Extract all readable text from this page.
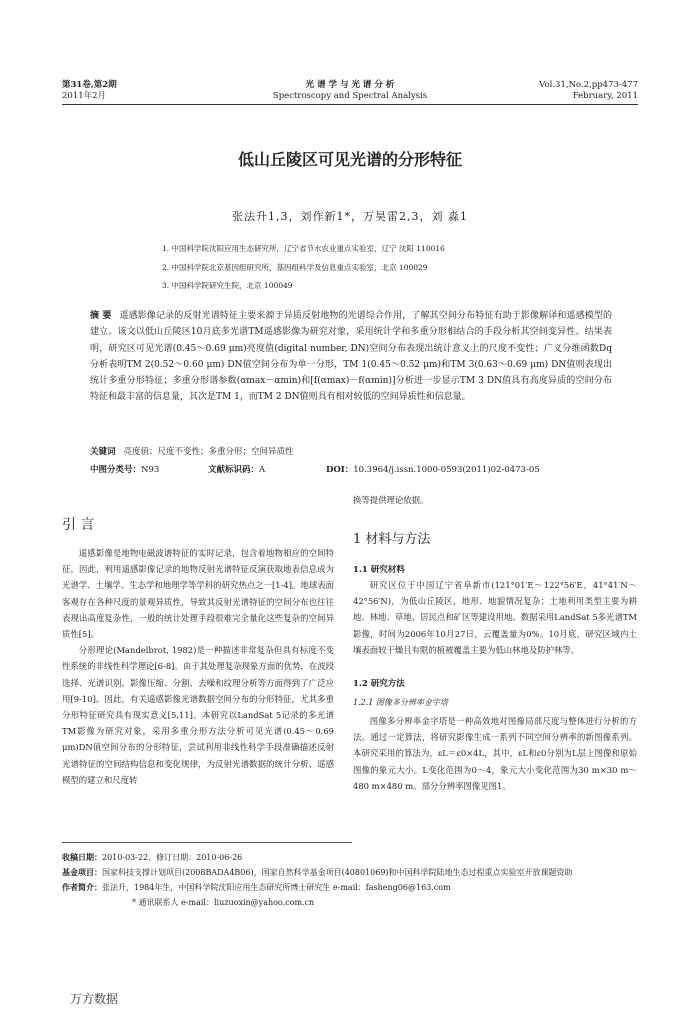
第31卷,第2期
2011年2月
光 谱 学 与 光 谱 分 析
Spectroscopy and Spectral Analysis
Vol.31,No.2,pp473-477
February, 2011
低山丘陵区可见光谱的分形特征
张法升1,3，刘作新1*，万昊雷2,3，刘 淼1
1. 中国科学院沈阳应用生态研究所，辽宁省节水农业重点实验室，辽宁 沈阳 110016
2. 中国科学院北京基因组研究所，基因组科学及信息重点实验室，北京 100029
3. 中国科学院研究生院，北京 100049
摘 要 遥感影像记录的反射光谱特征主要来源于异质反射地物的光谱综合作用，了解其空间分布特征有助于影像解译和遥感模型的建立。该文以低山丘陵区10月底多光谱TM遥感影像为研究对象，采用统计学和多重分形相结合的手段分析其空间变异性。结果表明，研究区可见光谱(0.45～0.69 μm)亮度值(digital number, DN)空间分布表现出统计意义上的尺度不变性；广义分维函数Dq分析表明TM 2(0.52～0.60 μm) DN值空间分布为单一分形，TM 1(0.45～0.52 μm)和TM 3(0.63～0.69 μm) DN值则表现出统计多重分形特征；多重分形谱参数(αmax－αmin)和[f(αmax)－f(αmin)]分析进一步显示TM 3 DN值具有高度异质的空间分布特征和最丰富的信息量，其次是TM 1，而TM 2 DN值则具有相对较低的空间异质性和信息量。
关键词 亮度值；尺度不变性；多重分形；空间异质性
中图分类号：N93	文献标识码：A	DOI：10.3964/j.issn.1000-0593(2011)02-0473-05
引 言

遥感影像是地物电磁波谱特征的实时记录，包含着地物相应的空间特征，因此，利用遥感影像记录的地物反射光谱特征反演获取地表信息成为光谱学、土壤学、生态学和地理学等学科的研究热点之一[1-4]。地球表面客观存在各种尺度的景观异质性，导致其反射光谱特征的空间分布也往往表现出高度复杂性，一般的统计处理手段很难完全量化这些复杂的空间异质性[5]。

分形理论(Mandelbrot, 1982)是一种描述非常复杂但具有标度不变性系统的非线性科学理论[6-8]。由于其处理复杂现象方面的优势，在波段选择、光谱识别、影像压缩、分割、去噪和纹理分析等方面得到了广泛应用[9-10]。因此，有关遥感影像光谱数据空间分布的分形特征，尤其多重分形特征研究具有现实意义[5,11]。本研究以LandSat 5记录的多光谱TM影像为研究对象，采用多重分形方法分析可见光谱(0.45～0.69 μm)DN值空间分布的分形特征，尝试利用非线性科学手段准确描述反射光谱特征的空间结构信息和变化规律，为反射光谱数据的统计分析、遥感模型的建立和尺度转

换等提供理论依据。
1 材料与方法
1.1 研究材料

研究区位于中国辽宁省阜新市(121°01′E～122°56′E，41°41′N～42°56′N)，为低山丘陵区，地形、地貌情况复杂；土地利用类型主要为耕地、林地、草地、居民点和矿区等建设用地。数据采用LandSat 5多光谱TM影像，时间为2006年10月27日，云覆盖量为0%。10月底，研究区域内土壤表面较干燥且有限的植被覆盖主要为低山林地及防护林等。

1.2 研究方法
1.2.1 图像多分辨率金字塔

图像多分辨率金字塔是一种高效地对图像局部尺度与整体进行分析的方法。通过一定算法，将研究影像生成一系列不同空间分辨率的新图像系列。本研究采用的算法为，εL＝ε0×4L，其中，εL和ε0分别为L层上图像和原始图像的象元大小。L变化范围为0～4，象元大小变化范围为30 m×30 m～480 m×480 m。部分分辨率图像见图1。

收稿日期：2010-03-22，修订日期：2010-06-26
基金项目：国家科技支撑计划项目(2008BADA4B06)，国家自然科学基金项目(40801069)和中国科学院陆地生态过程重点实验室开放课题资助
作者简介：张法升，1984年生，中国科学院沈阳应用生态研究所博士研究生 e-mail：fasheng06@163.com
* 通讯联系人 e-mail：liuzuoxin@yahoo.com.cn
万方数据
